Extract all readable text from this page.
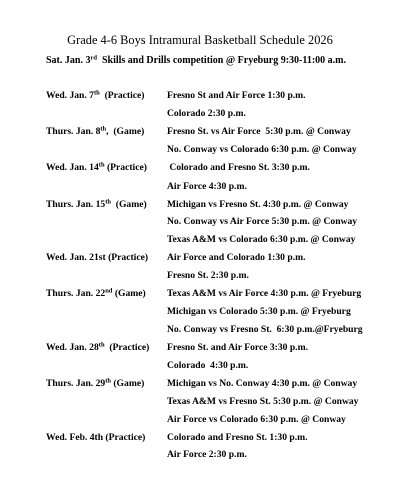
Grade 4-6 Boys Intramural Basketball Schedule 2026
Sat. Jan. 3rd  Skills and Drills competition @ Fryeburg 9:30-11:00 a.m.
Wed. Jan. 7th  (Practice) Fresno St and Air Force 1:30 p.m.
Colorado 2:30 p.m.
Thurs. Jan. 8th,  (Game) Fresno St. vs Air Force  5:30 p.m. @ Conway
No. Conway vs Colorado 6:30 p.m. @ Conway
Wed. Jan. 14th (Practice) Colorado and Fresno St. 3:30 p.m.
Air Force 4:30 p.m.
Thurs. Jan. 15th  (Game) Michigan vs Fresno St. 4:30 p.m. @ Conway
No. Conway vs Air Force 5:30 p.m. @ Conway
Texas A&M vs Colorado 6:30 p.m. @ Conway
Wed. Jan. 21st (Practice) Air Force and Colorado 1:30 p.m.
Fresno St. 2:30 p.m.
Thurs. Jan. 22nd (Game) Texas A&M vs Air Force 4:30 p.m. @ Fryeburg
Michigan vs Colorado 5:30 p.m. @ Fryeburg
No. Conway vs Fresno St.  6:30 p.m.@Fryeburg
Wed. Jan. 28th  (Practice) Fresno St. and Air Force 3:30 p.m.
Colorado  4:30 p.m.
Thurs. Jan. 29th (Game) Michigan vs No. Conway 4:30 p.m. @ Conway
Texas A&M vs Fresno St. 5:30 p.m. @ Conway
Air Force vs Colorado 6:30 p.m. @ Conway
Wed. Feb. 4th (Practice) Colorado and Fresno St. 1:30 p.m.
Air Force 2:30 p.m.
